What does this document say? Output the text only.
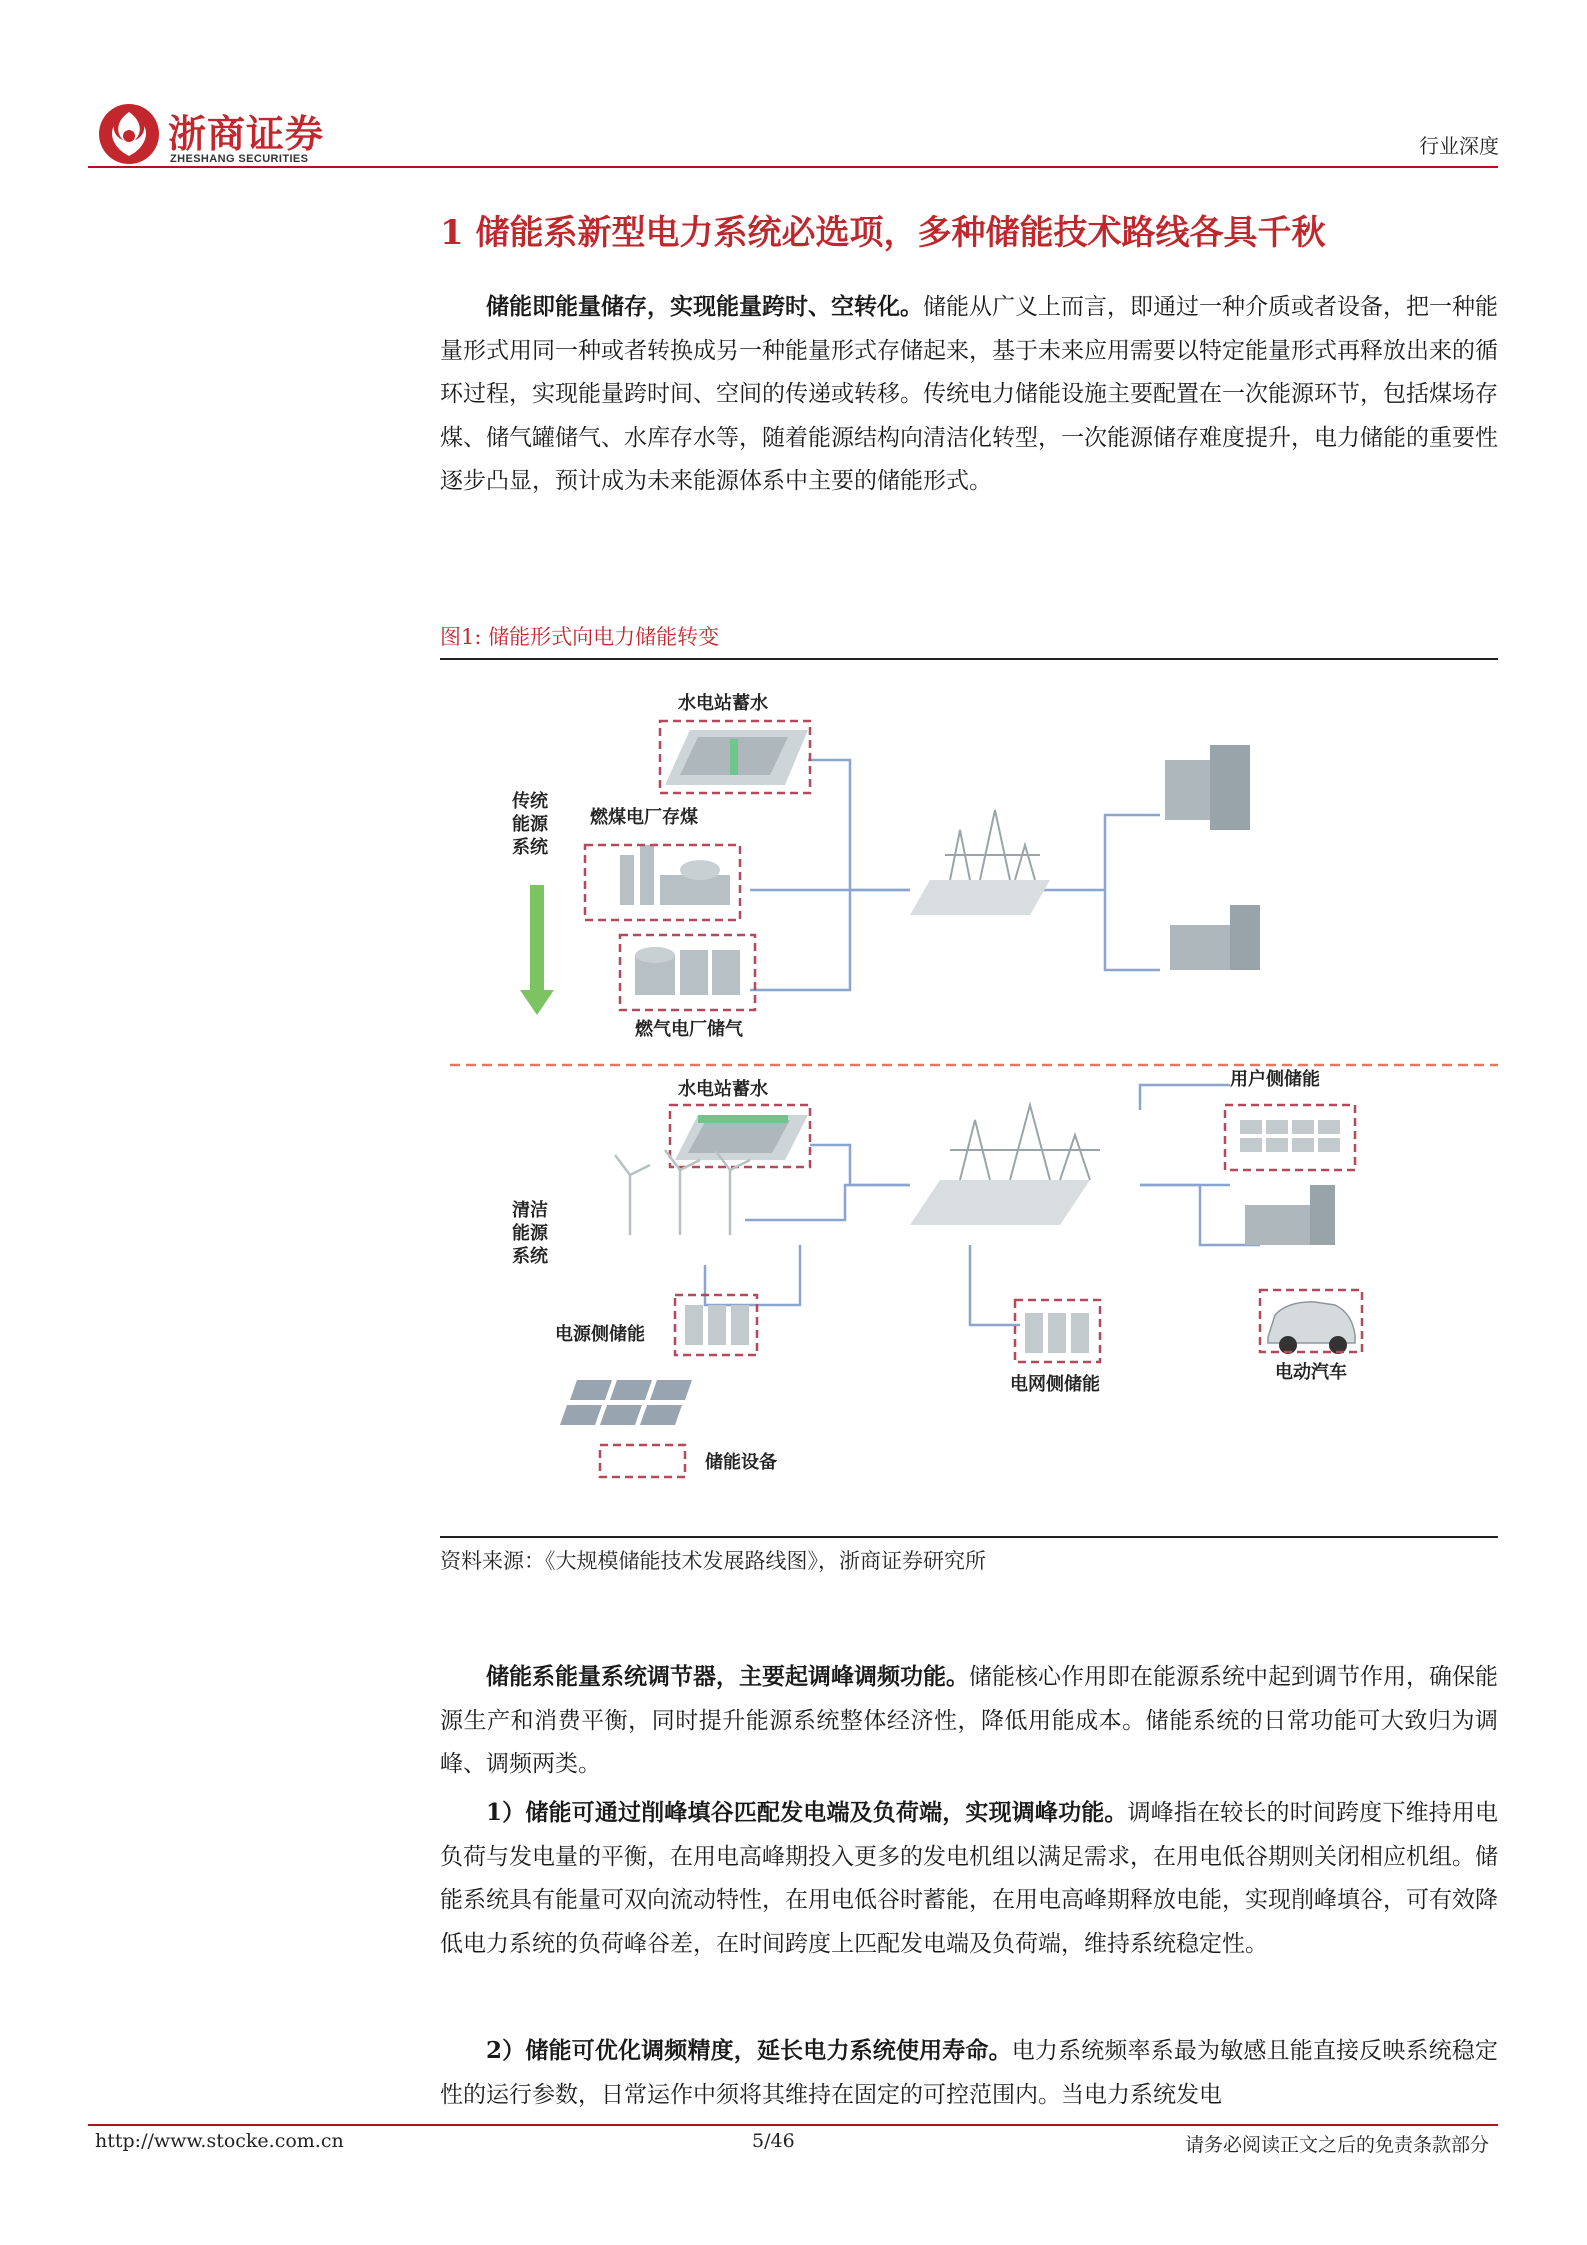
浙商证券
ZHESHANG SECURITIES
行业深度
1 储能系新型电力系统必选项，多种储能技术路线各具千秋
储能即能量储存，实现能量跨时、空转化。储能从广义上而言，即通过一种介质或者设备，把一种能量形式用同一种或者转换成另一种能量形式存储起来，基于未来应用需要以特定能量形式再释放出来的循环过程，实现能量跨时间、空间的传递或转移。传统电力储能设施主要配置在一次能源环节，包括煤场存煤、储气罐储气、水库存水等，随着能源结构向清洁化转型，一次能源储存难度提升，电力储能的重要性逐步凸显，预计成为未来能源体系中主要的储能形式。
图1: 储能形式向电力储能转变
传统
能源
系统
清洁
能源
系统
水电站蓄水
燃煤电厂存煤
燃气电厂储气
水电站蓄水	用户侧储能
电源侧储能
电网侧储能
电动汽车
储能设备
资料来源：《大规模储能技术发展路线图》，浙商证券研究所
储能系能量系统调节器，主要起调峰调频功能。储能核心作用即在能源系统中起到调节作用，确保能源生产和消费平衡，同时提升能源系统整体经济性，降低用能成本。储能系统的日常功能可大致归为调峰、调频两类。
1）储能可通过削峰填谷匹配发电端及负荷端，实现调峰功能。调峰指在较长的时间跨度下维持用电负荷与发电量的平衡，在用电高峰期投入更多的发电机组以满足需求，在用电低谷期则关闭相应机组。储能系统具有能量可双向流动特性，在用电低谷时蓄能，在用电高峰期释放电能，实现削峰填谷，可有效降低电力系统的负荷峰谷差，在时间跨度上匹配发电端及负荷端，维持系统稳定性。
2）储能可优化调频精度，延长电力系统使用寿命。电力系统频率系最为敏感且能直接反映系统稳定性的运行参数，日常运作中须将其维持在固定的可控范围内。当电力系统发电
http://www.stocke.com.cn	5/46	请务必阅读正文之后的免责条款部分
